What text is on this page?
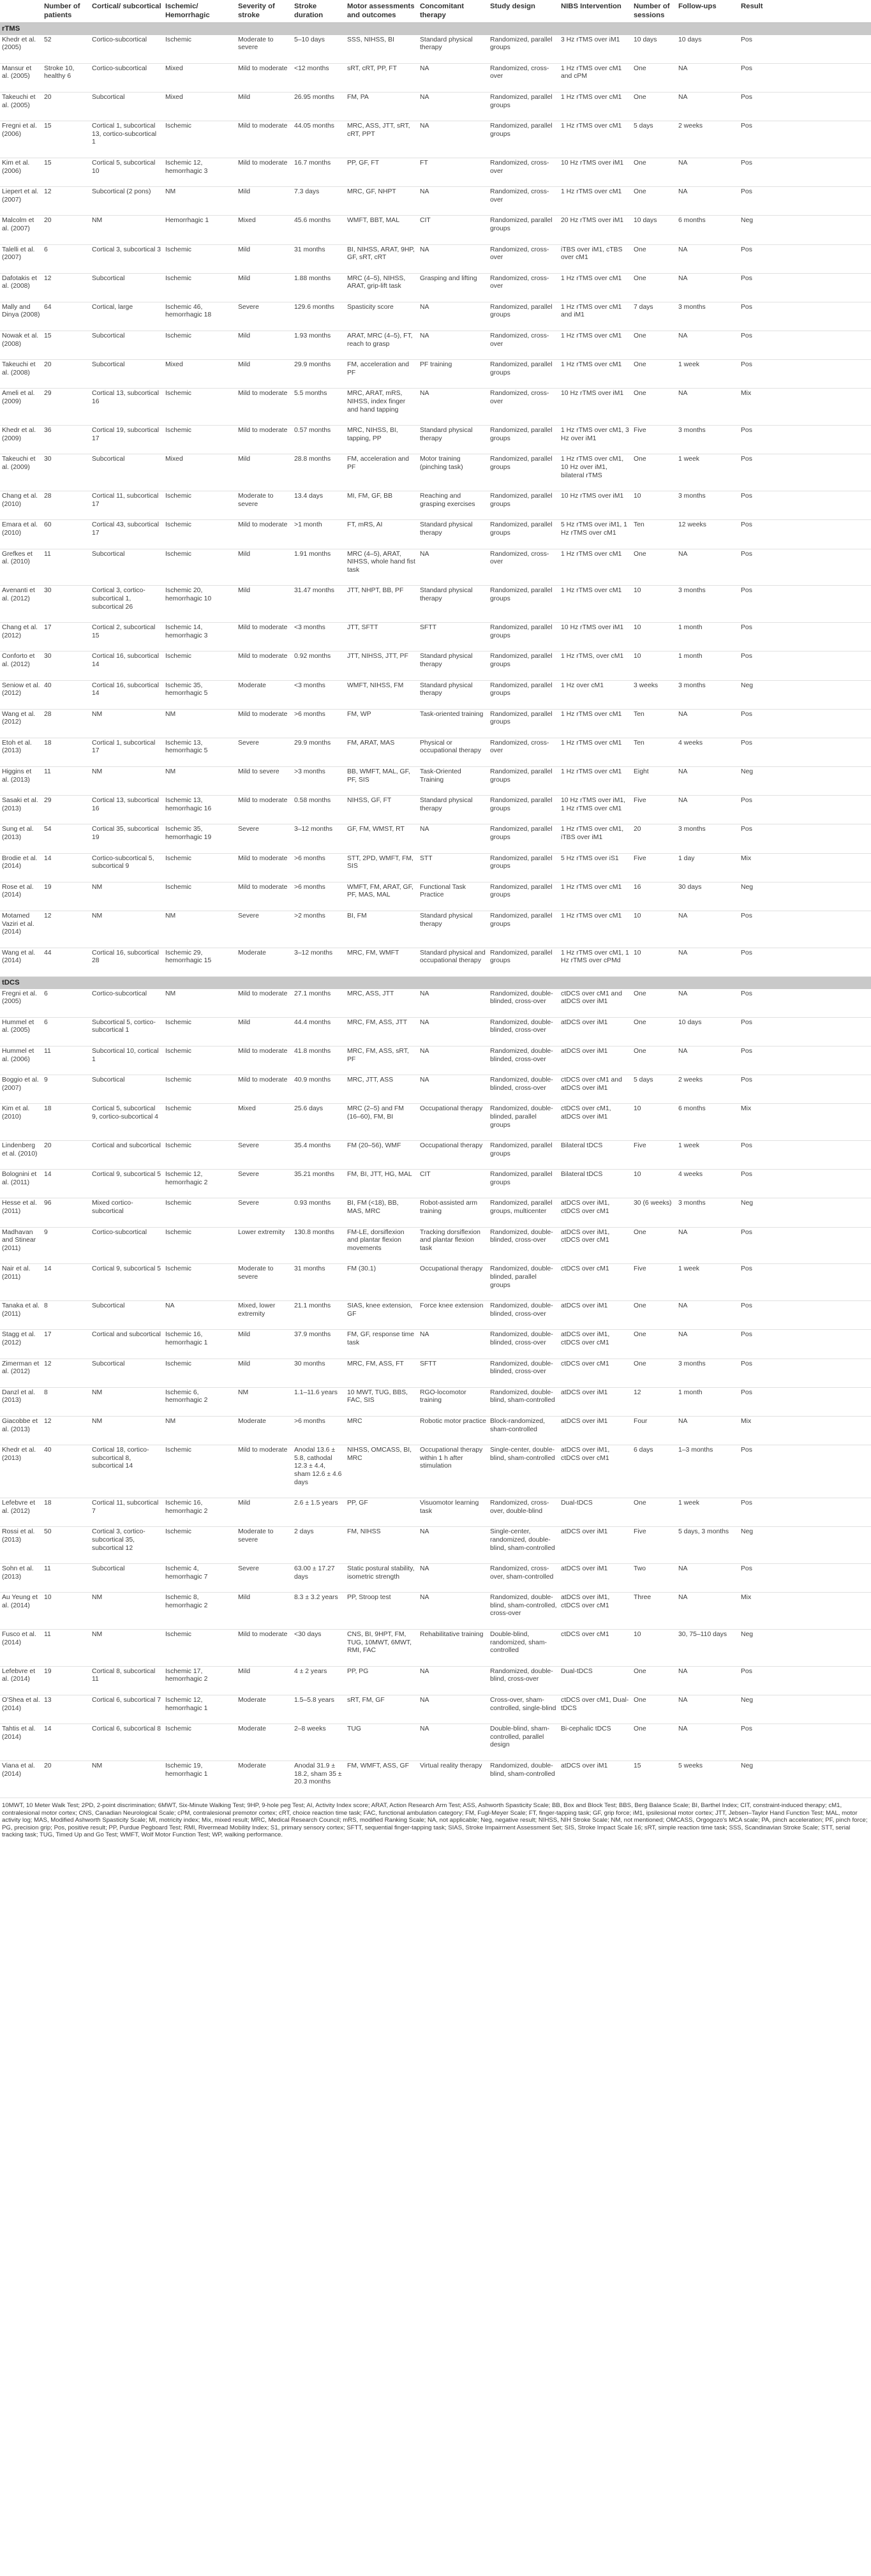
	Number of patients	Cortical/ subcortical	Ischemic/ Hemorrhagic	Severity of stroke	Stroke duration	Motor assessments and outcomes	Concomitant therapy	Study design	NIBS Intervention	Number of sessions	Follow-ups	Result
rTMS												
Khedr et al. (2005)	52	Cortico-subcortical	Ischemic	Moderate to severe	5–10 days	SSS, NIHSS, BI	Standard physical therapy	Randomized, parallel groups	3 Hz rTMS over iM1	10 days	10 days	Pos
Mansur et al. (2005)	Stroke 10, healthy 6	Cortico-subcortical	Mixed	Mild to moderate	<12 months	sRT, cRT, PP, FT	NA	Randomized, cross-over	1 Hz rTMS over cM1 and cPM	One	NA	Pos
Takeuchi et al. (2005)	20	Subcortical	Mixed	Mild	26.95 months	FM, PA	NA	Randomized, parallel groups	1 Hz rTMS over cM1	One	NA	Pos
Fregni et al. (2006)	15	Cortical 1, subcortical 13, cortico-subcortical 1	Ischemic	Mild to moderate	44.05 months	MRC, ASS, JTT, sRT, cRT, PPT	NA	Randomized, parallel groups	1 Hz rTMS over cM1	5 days	2 weeks	Pos
Kim et al. (2006)	15	Cortical 5, subcortical 10	Ischemic 12, hemorrhagic 3	Mild to moderate	16.7 months	PP, GF, FT	FT	Randomized, cross-over	10 Hz rTMS over iM1	One	NA	Pos
Liepert et al. (2007)	12	Subcortical (2 pons)	NM	Mild	7.3 days	MRC, GF, NHPT	NA	Randomized, cross-over	1 Hz rTMS over cM1	One	NA	Pos
Malcolm et al. (2007)	20	NM	Hemorrhagic 1	Mixed	45.6 months	WMFT, BBT, MAL	CIT	Randomized, parallel groups	20 Hz rTMS over iM1	10 days	6 months	Neg
Talelli et al. (2007)	6	Cortical 3, subcortical 3	Ischemic	Mild	31 months	BI, NIHSS, ARAT, 9HP, GF, sRT, cRT	NA	Randomized, cross-over	iTBS over iM1, cTBS over cM1	One	NA	Pos
Dafotakis et al. (2008)	12	Subcortical	Ischemic	Mild	1.88 months	MRC (4–5), NIHSS, ARAT, grip-lift task	Grasping and lifting	Randomized, cross-over	1 Hz rTMS over cM1	One	NA	Pos
Mally and Dinya (2008)	64	Cortical, large	Ischemic 46, hemorrhagic 18	Severe	129.6 months	Spasticity score	NA	Randomized, parallel groups	1 Hz rTMS over cM1 and iM1	7 days	3 months	Pos
Nowak et al. (2008)	15	Subcortical	Ischemic	Mild	1.93 months	ARAT, MRC (4–5), FT, reach to grasp	NA	Randomized, cross-over	1 Hz rTMS over cM1	One	NA	Pos
Takeuchi et al. (2008)	20	Subcortical	Mixed	Mild	29.9 months	FM, acceleration and PF	PF training	Randomized, parallel groups	1 Hz rTMS over cM1	One	1 week	Pos
Ameli et al. (2009)	29	Cortical 13, subcortical 16	Ischemic	Mild to moderate	5.5 months	MRC, ARAT, mRS, NIHSS, index finger and hand tapping	NA	Randomized, cross-over	10 Hz rTMS over iM1	One	NA	Mix
Khedr et al. (2009)	36	Cortical 19, subcortical 17	Ischemic	Mild to moderate	0.57 months	MRC, NIHSS, BI, tapping, PP	Standard physical therapy	Randomized, parallel groups	1 Hz rTMS over cM1, 3 Hz over iM1	Five	3 months	Pos
Takeuchi et al. (2009)	30	Subcortical	Mixed	Mild	28.8 months	FM, acceleration and PF	Motor training (pinching task)	Randomized, parallel groups	1 Hz rTMS over cM1, 10 Hz over iM1, bilateral rTMS	One	1 week	Pos
Chang et al. (2010)	28	Cortical 11, subcortical 17	Ischemic	Moderate to severe	13.4 days	MI, FM, GF, BB	Reaching and grasping exercises	Randomized, parallel groups	10 Hz rTMS over iM1	10	3 months	Pos
Emara et al. (2010)	60	Cortical 43, subcortical 17	Ischemic	Mild to moderate	>1 month	FT, mRS, AI	Standard physical therapy	Randomized, parallel groups	5 Hz rTMS over iM1, 1 Hz rTMS over cM1	Ten	12 weeks	Pos
Grefkes et al. (2010)	11	Subcortical	Ischemic	Mild	1.91 months	MRC (4–5), ARAT, NIHSS, whole hand fist task	NA	Randomized, cross-over	1 Hz rTMS over cM1	One	NA	Pos
Avenanti et al. (2012)	30	Cortical 3, cortico-subcortical 1, subcortical 26	Ischemic 20, hemorrhagic 10	Mild	31.47 months	JTT, NHPT, BB, PF	Standard physical therapy	Randomized, parallel groups	1 Hz rTMS over cM1	10	3 months	Pos
Chang et al. (2012)	17	Cortical 2, subcortical 15	Ischemic 14, hemorrhagic 3	Mild to moderate	<3 months	JTT, SFTT	SFTT	Randomized, parallel groups	10 Hz rTMS over iM1	10	1 month	Pos
Conforto et al. (2012)	30	Cortical 16, subcortical 14	Ischemic	Mild to moderate	0.92 months	JTT, NIHSS, JTT, PF	Standard physical therapy	Randomized, parallel groups	1 Hz rTMS, over cM1	10	1 month	Pos
Seniow et al. (2012)	40	Cortical 16, subcortical 14	Ischemic 35, hemorrhagic 5	Moderate	<3 months	WMFT, NIHSS, FM	Standard physical therapy	Randomized, parallel groups	1 Hz over cM1	3 weeks	3 months	Neg
Wang et al. (2012)	28	NM	NM	Mild to moderate	>6 months	FM, WP	Task-oriented training	Randomized, parallel groups	1 Hz rTMS over cM1	Ten	NA	Pos
Etoh et al. (2013)	18	Cortical 1, subcortical 17	Ischemic 13, hemorrhagic 5	Severe	29.9 months	FM, ARAT, MAS	Physical or occupational therapy	Randomized, cross-over	1 Hz rTMS over cM1	Ten	4 weeks	Pos
Higgins et al. (2013)	11	NM	NM	Mild to severe	>3 months	BB, WMFT, MAL, GF, PF, SIS	Task-Oriented Training	Randomized, parallel groups	1 Hz rTMS over cM1	Eight	NA	Neg
Sasaki et al. (2013)	29	Cortical 13, subcortical 16	Ischemic 13, hemorrhagic 16	Mild to moderate	0.58 months	NIHSS, GF, FT	Standard physical therapy	Randomized, parallel groups	10 Hz rTMS over iM1, 1 Hz rTMS over cM1	Five	NA	Pos
Sung et al. (2013)	54	Cortical 35, subcortical 19	Ischemic 35, hemorrhagic 19	Severe	3–12 months	GF, FM, WMST, RT	NA	Randomized, parallel groups	1 Hz rTMS over cM1, iTBS over iM1	20	3 months	Pos
Brodie et al. (2014)	14	Cortico-subcortical 5, subcortical 9	Ischemic	Mild to moderate	>6 months	STT, 2PD, WMFT, FM, SIS	STT	Randomized, parallel groups	5 Hz rTMS over iS1	Five	1 day	Mix
Rose et al. (2014)	19	NM	Ischemic	Mild to moderate	>6 months	WMFT, FM, ARAT, GF, PF, MAS, MAL	Functional Task Practice	Randomized, parallel groups	1 Hz rTMS over cM1	16	30 days	Neg
Motamed Vaziri et al. (2014)	12	NM	NM	Severe	>2 months	BI, FM	Standard physical therapy	Randomized, parallel groups	1 Hz rTMS over cM1	10	NA	Pos
Wang et al. (2014)	44	Cortical 16, subcortical 28	Ischemic 29, hemorrhagic 15	Moderate	3–12 months	MRC, FM, WMFT	Standard physical and occupational therapy	Randomized, parallel groups	1 Hz rTMS over cM1, 1 Hz rTMS over cPMd	10	NA	Pos
tDCS												
Fregni et al. (2005)	6	Cortico-subcortical	NM	Mild to moderate	27.1 months	MRC, ASS, JTT	NA	Randomized, double-blinded, cross-over	ctDCS over cM1 and atDCS over iM1	One	NA	Pos
Hummel et al. (2005)	6	Subcortical 5, cortico-subcortical 1	Ischemic	Mild	44.4 months	MRC, FM, ASS, JTT	NA	Randomized, double-blinded, cross-over	atDCS over iM1	One	10 days	Pos
Hummel et al. (2006)	11	Subcortical 10, cortical 1	Ischemic	Mild to moderate	41.8 months	MRC, FM, ASS, sRT, PF	NA	Randomized, double-blinded, cross-over	atDCS over iM1	One	NA	Pos
Boggio et al. (2007)	9	Subcortical	Ischemic	Mild to moderate	40.9 months	MRC, JTT, ASS	NA	Randomized, double-blinded, cross-over	ctDCS over cM1 and atDCS over iM1	5 days	2 weeks	Pos
Kim et al. (2010)	18	Cortical 5, subcortical 9, cortico-subcortical 4	Ischemic	Mixed	25.6 days	MRC (2–5) and FM (16–60), FM, BI	Occupational therapy	Randomized, double-blinded, parallel groups	ctDCS over cM1, atDCS over iM1	10	6 months	Mix
Lindenberg et al. (2010)	20	Cortical and subcortical	Ischemic	Severe	35.4 months	FM (20–56), WMF	Occupational therapy	Randomized, parallel groups	Bilateral tDCS	Five	1 week	Pos
Bolognini et al. (2011)	14	Cortical 9, subcortical 5	Ischemic 12, hemorrhagic 2	Severe	35.21 months	FM, BI, JTT, HG, MAL	CIT	Randomized, parallel groups	Bilateral tDCS	10	4 weeks	Pos
Hesse et al. (2011)	96	Mixed cortico-subcortical	Ischemic	Severe	0.93 months	BI, FM (<18), BB, MAS, MRC	Robot-assisted arm training	Randomized, parallel groups, multicenter	atDCS over iM1, ctDCS over cM1	30 (6 weeks)	3 months	Neg
Madhavan and Stinear (2011)	9	Cortico-subcortical	Ischemic	Lower extremity	130.8 months	FM-LE, dorsiflexion and plantar flexion movements	Tracking dorsiflexion and plantar flexion task	Randomized, double-blinded, cross-over	atDCS over iM1, ctDCS over cM1	One	NA	Pos
Nair et al. (2011)	14	Cortical 9, subcortical 5	Ischemic	Moderate to severe	31 months	FM (30.1)	Occupational therapy	Randomized, double-blinded, parallel groups	ctDCS over cM1	Five	1 week	Pos
Tanaka et al. (2011)	8	Subcortical	NA	Mixed, lower extremity	21.1 months	SIAS, knee extension, GF	Force knee extension	Randomized, double-blinded, cross-over	atDCS over iM1	One	NA	Pos
Stagg et al. (2012)	17	Cortical and subcortical	Ischemic 16, hemorrhagic 1	Mild	37.9 months	FM, GF, response time task	NA	Randomized, double-blinded, cross-over	atDCS over iM1, ctDCS over cM1	One	NA	Pos
Zimerman et al. (2012)	12	Subcortical	Ischemic	Mild	30 months	MRC, FM, ASS, FT	SFTT	Randomized, double-blinded, cross-over	ctDCS over cM1	One	3 months	Pos
Danzl et al. (2013)	8	NM	Ischemic 6, hemorrhagic 2	NM	1.1–11.6 years	10 MWT, TUG, BBS, FAC, SIS	RGO-locomotor training	Randomized, double-blind, sham-controlled	atDCS over iM1	12	1 month	Pos
Giacobbe et al. (2013)	12	NM	NM	Moderate	>6 months	MRC	Robotic motor practice	Block-randomized, sham-controlled	atDCS over iM1	Four	NA	Mix
Khedr et al. (2013)	40	Cortical 18, cortico-subcortical 8, subcortical 14	Ischemic	Mild to moderate	Anodal 13.6 ± 5.8, cathodal 12.3 ± 4.4, sham 12.6 ± 4.6 days	NIHSS, OMCASS, BI, MRC	Occupational therapy within 1 h after stimulation	Single-center, double-blind, sham-controlled	atDCS over iM1, ctDCS over cM1	6 days	1–3 months	Pos
Lefebvre et al. (2012)	18	Cortical 11, subcortical 7	Ischemic 16, hemorrhagic 2	Mild	2.6 ± 1.5 years	PP, GF	Visuomotor learning task	Randomized, cross-over, double-blind	Dual-tDCS	One	1 week	Pos
Rossi et al. (2013)	50	Cortical 3, cortico-subcortical 35, subcortical 12	Ischemic	Moderate to severe	2 days	FM, NIHSS	NA	Single-center, randomized, double-blind, sham-controlled	atDCS over iM1	Five	5 days, 3 months	Neg
Sohn et al. (2013)	11	Subcortical	Ischemic 4, hemorrhagic 7	Severe	63.00 ± 17.27 days	Static postural stability, isometric strength	NA	Randomized, cross-over, sham-controlled	atDCS over iM1	Two	NA	Pos
Au Yeung et al. (2014)	10	NM	Ischemic 8, hemorrhagic 2	Mild	8.3 ± 3.2 years	PP, Stroop test	NA	Randomized, double-blind, sham-controlled, cross-over	atDCS over iM1, ctDCS over cM1	Three	NA	Mix
Fusco et al. (2014)	11	NM	Ischemic	Mild to moderate	<30 days	CNS, BI, 9HPT, FM, TUG, 10MWT, 6MWT, RMI, FAC	Rehabilitative training	Double-blind, randomized, sham-controlled	ctDCS over cM1	10	30, 75–110 days	Neg
Lefebvre et al. (2014)	19	Cortical 8, subcortical 11	Ischemic 17, hemorrhagic 2	Mild	4 ± 2 years	PP, PG	NA	Randomized, double-blind, cross-over	Dual-tDCS	One	NA	Pos
O'Shea et al. (2014)	13	Cortical 6, subcortical 7	Ischemic 12, hemorrhagic 1	Moderate	1.5–5.8 years	sRT, FM, GF	NA	Cross-over, sham-controlled, single-blind	ctDCS over cM1, Dual-tDCS	One	NA	Neg
Tahtis et al. (2014)	14	Cortical 6, subcortical 8	Ischemic	Moderate	2–8 weeks	TUG	NA	Double-blind, sham-controlled, parallel design	Bi-cephalic tDCS	One	NA	Pos
Viana et al. (2014)	20	NM	Ischemic 19, hemorrhagic 1	Moderate	Anodal 31.9 ± 18.2, sham 35 ± 20.3 months	FM, WMFT, ASS, GF	Virtual reality therapy	Randomized, double-blind, sham-controlled	atDCS over iM1	15	5 weeks	Neg
10MWT, 10 Meter Walk Test; 2PD, 2-point discrimination; 6MWT, Six-Minute Walking Test; 9HP, 9-hole peg Test; AI, Activity Index score; ARAT, Action Research Arm Test; ASS, Ashworth Spasticity Scale; BB, Box and Block Test; BBS, Berg Balance Scale; BI, Barthel Index; CIT, constraint-induced therapy; cM1, contralesional motor cortex; CNS, Canadian Neurological Scale; cPM, contralesional premotor cortex; cRT, choice reaction time task; FAC, functional ambulation category; FM, Fugl-Meyer Scale; FT, finger-tapping task; GF, grip force; iM1, ipsilesional motor cortex; JTT, Jebsen–Taylor Hand Function Test; MAL, motor activity log; MAS, Modified Ashworth Spasticity Scale; MI, motricity index; Mix, mixed result; MRC, Medical Research Council; mRS, modified Ranking Scale; NA, not applicable; Neg, negative result; NIHSS, NIH Stroke Scale; NM, not mentioned; OMCASS, Orgogozo's MCA scale; PA, pinch acceleration; PF, pinch force; PG, precision grip; Pos, positive result; PP, Purdue Pegboard Test; RMI, Rivermead Mobility Index; S1, primary sensory cortex; SFTT, sequential finger-tapping task; SIAS, Stroke Impairment Assessment Set; SIS, Stroke Impact Scale 16; sRT, simple reaction time task; SSS, Scandinavian Stroke Scale; STT, serial tracking task; TUG, Timed Up and Go Test; WMFT, Wolf Motor Function Test; WP, walking performance.
